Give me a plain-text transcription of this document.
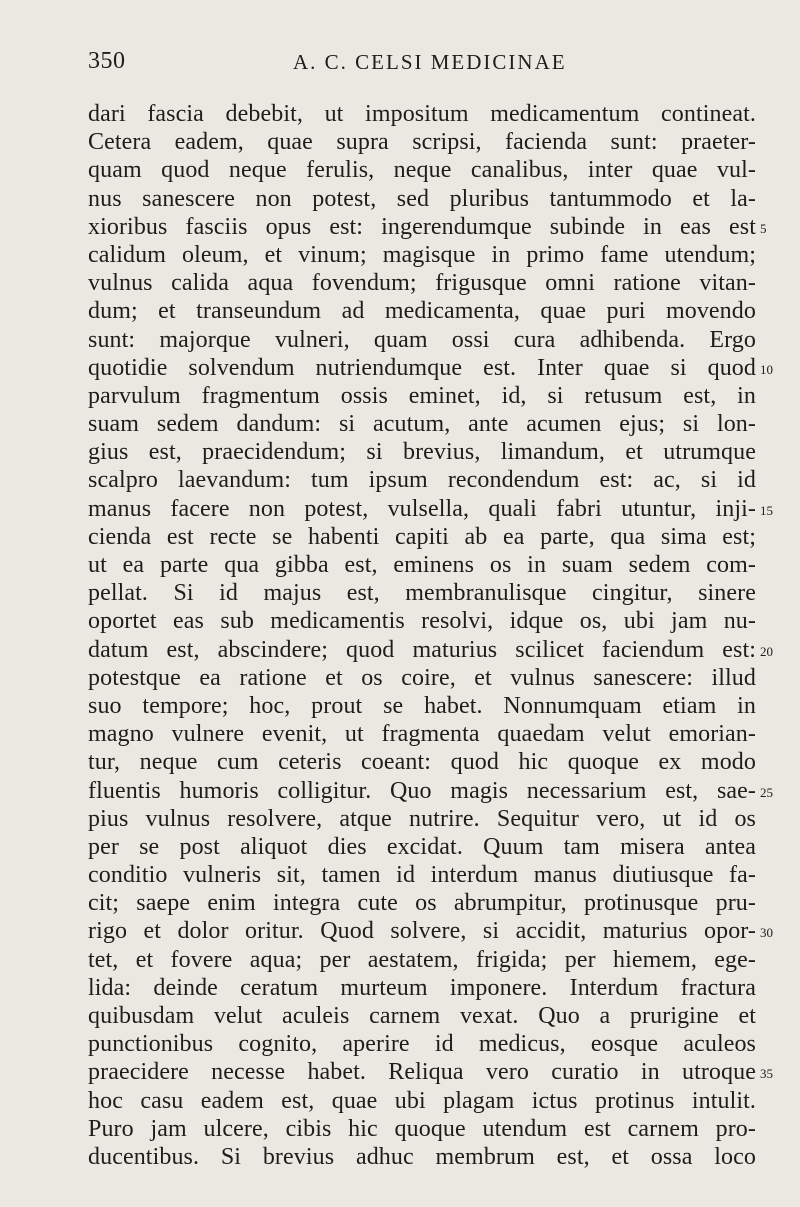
350	A. C. CELSI MEDICINAE
dari fascia debebit, ut impositum medicamentum contineat.
Cetera eadem, quae supra scripsi, facienda sunt: praeter-
quam quod neque ferulis, neque canalibus, inter quae vul-
nus sanescere non potest, sed pluribus tantummodo et la-
xioribus fasciis opus est: ingerendumque subinde in eas est 5
calidum oleum, et vinum; magisque in primo fame utendum;
vulnus calida aqua fovendum; frigusque omni ratione vitan-
dum; et transeundum ad medicamenta, quae puri movendo
sunt: majorque vulneri, quam ossi cura adhibenda. Ergo
quotidie solvendum nutriendumque est. Inter quae si quod 10
parvulum fragmentum ossis eminet, id, si retusum est, in
suam sedem dandum: si acutum, ante acumen ejus; si lon-
gius est, praecidendum; si brevius, limandum, et utrumque
scalpro laevandum: tum ipsum recondendum est: ac, si id
manus facere non potest, vulsella, quali fabri utuntur, inji- 15
cienda est recte se habenti capiti ab ea parte, qua sima est;
ut ea parte qua gibba est, eminens os in suam sedem com-
pellat. Si id majus est, membranulisque cingitur, sinere
oportet eas sub medicamentis resolvi, idque os, ubi jam nu-
datum est, abscindere; quod maturius scilicet faciendum est: 20
potestque ea ratione et os coire, et vulnus sanescere: illud
suo tempore; hoc, prout se habet. Nonnumquam etiam in
magno vulnere evenit, ut fragmenta quaedam velut emorian-
tur, neque cum ceteris coeant: quod hic quoque ex modo
fluentis humoris colligitur. Quo magis necessarium est, sae- 25
pius vulnus resolvere, atque nutrire. Sequitur vero, ut id os
per se post aliquot dies excidat. Quum tam misera antea
conditio vulneris sit, tamen id interdum manus diutiusque fa-
cit; saepe enim integra cute os abrumpitur, protinusque pru-
rigo et dolor oritur. Quod solvere, si accidit, maturius opor- 30
tet, et fovere aqua; per aestatem, frigida; per hiemem, ege-
lida: deinde ceratum murteum imponere. Interdum fractura
quibusdam velut aculeis carnem vexat. Quo a prurigine et
punctionibus cognito, aperire id medicus, eosque aculeos
praecidere necesse habet. Reliqua vero curatio in utroque 35
hoc casu eadem est, quae ubi plagam ictus protinus intulit.
Puro jam ulcere, cibis hic quoque utendum est carnem pro-
ducentibus. Si brevius adhuc membrum est, et ossa loco
